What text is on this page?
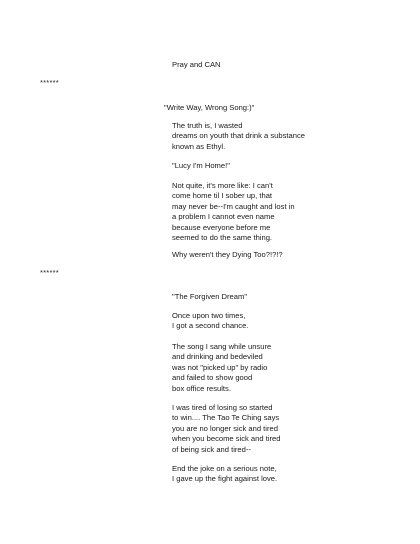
Pray and CAN
******
"Write Way, Wrong Song:)"
The truth is, I wasted
dreams on youth that drink a substance
known as Ethyl.
"Lucy I'm Home!"
Not quite, it's more like: I can't
come home til I sober up, that
may never be--I'm caught and lost in
a problem I cannot even name
because everyone before me
seemed to do the same thing.
Why weren't they Dying Too?!?!?
******
"The Forgiven Dream"
Once upon two times,
I got a second chance.
The song I sang while unsure
and drinking and bedeviled
was not "picked up" by radio
and failed to show good
box office results.
I was tired of losing so started
to win.... The Tao Te Ching says
you are no longer sick and tired
when you become sick and tired
of being sick and tired--
End the joke on a serious note,
I gave up the fight against love.
